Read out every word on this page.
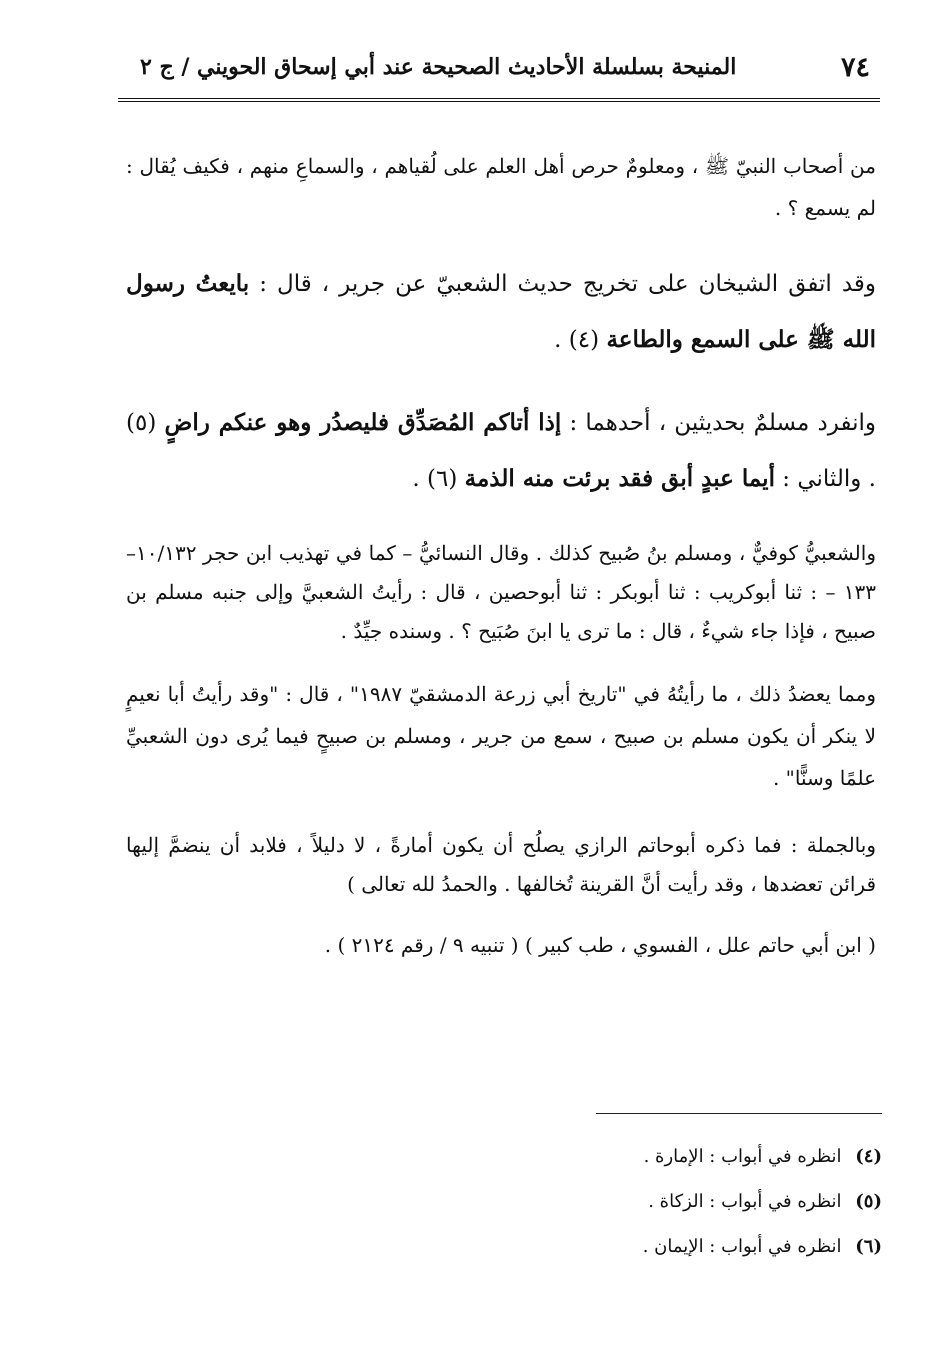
٧٤
المنيحة بسلسلة الأحاديث الصحيحة عند أبي إسحاق الحويني / ج ٢

من أصحاب النبيّ ﷺ ، ومعلومٌ حرص أهل العلم على لُقياهم ، والسماعِ منهم ، فكيف يُقال : لم يسمع ؟ .

وقد اتفق الشيخان على تخريج حديث الشعبيّ عن جرير ، قال : بايعتُ رسول الله ﷺ على السمع والطاعة (٤) .

وانفرد مسلمٌ بحديثين ، أحدهما : إذا أتاكم المُصَدِّق فليصدُر وهو عنكم راضٍ (٥) . والثاني : أيما عبدٍ أبق فقد برئت منه الذمة (٦) .

والشعبيُّ كوفيٌّ ، ومسلم بنُ صُبيح كذلك . وقال النسائيُّ – كما في تهذيب ابن حجر ١٠/١٣٢–١٣٣ – : ثنا أبوكريب : ثنا أبوبكر : ثنا أبوحصين ، قال : رأيتُ الشعبيَّ وإلى جنبه مسلم بن صبيح ، فإذا جاء شيءٌ ، قال : ما ترى يا ابنَ صُبَيح ؟ . وسنده جيِّدٌ .

ومما يعضدُ ذلك ، ما رأيتُهُ في "تاريخ أبي زرعة الدمشقيّ ١٩٨٧" ، قال : "وقد رأيتُ أبا نعيمٍ لا ينكر أن يكون مسلم بن صبيح ، سمع من جرير ، ومسلم بن صبيحٍ فيما يُرى دون الشعبيِّ علمًا وسنًّا" .

وبالجملة : فما ذكره أبوحاتم الرازي يصلُح أن يكون أمارةً ، لا دليلاً ، فلابد أن ينضمَّ إليها قرائن تعضدها ، وقد رأيت أنَّ القرينة تُخالفها . والحمدُ لله تعالى )

( ابن أبي حاتم علل ، الفسوي ، طب كبير ) ( تنبيه ٩ / رقم ٢١٢٤ ) .

(٤) انظره في أبواب : الإمارة .
(٥) انظره في أبواب : الزكاة .
(٦) انظره في أبواب : الإيمان .
